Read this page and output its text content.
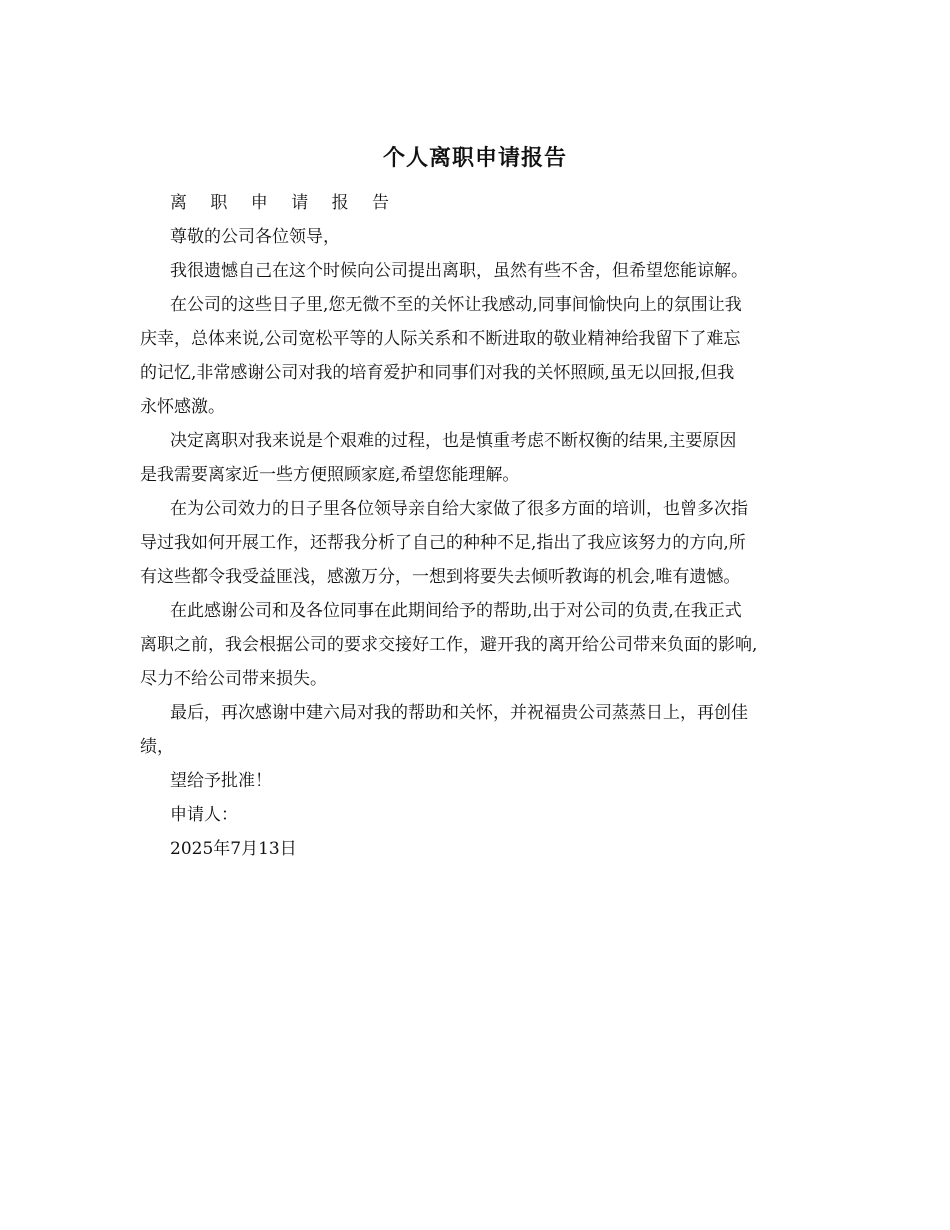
个人离职申请报告

离 职 申 请 报 告

尊敬的公司各位领导，

我很遗憾自己在这个时候向公司提出离职，虽然有些不舍，但希望您能谅解。

在公司的这些日子里,您无微不至的关怀让我感动,同事间愉快向上的氛围让我
庆幸，总体来说,公司宽松平等的人际关系和不断进取的敬业精神给我留下了难忘
的记忆,非常感谢公司对我的培育爱护和同事们对我的关怀照顾,虽无以回报,但我
永怀感激。

决定离职对我来说是个艰难的过程，也是慎重考虑不断权衡的结果,主要原因
是我需要离家近一些方便照顾家庭,希望您能理解。

在为公司效力的日子里各位领导亲自给大家做了很多方面的培训，也曾多次指
导过我如何开展工作，还帮我分析了自己的种种不足,指出了我应该努力的方向,所
有这些都令我受益匪浅，感激万分，一想到将要失去倾听教诲的机会,唯有遗憾。

在此感谢公司和及各位同事在此期间给予的帮助,出于对公司的负责,在我正式
离职之前，我会根据公司的要求交接好工作，避开我的离开给公司带来负面的影响,
尽力不给公司带来损失。

最后，再次感谢中建六局对我的帮助和关怀，并祝福贵公司蒸蒸日上，再创佳
绩，

望给予批准！

申请人：

2025年7月13日
